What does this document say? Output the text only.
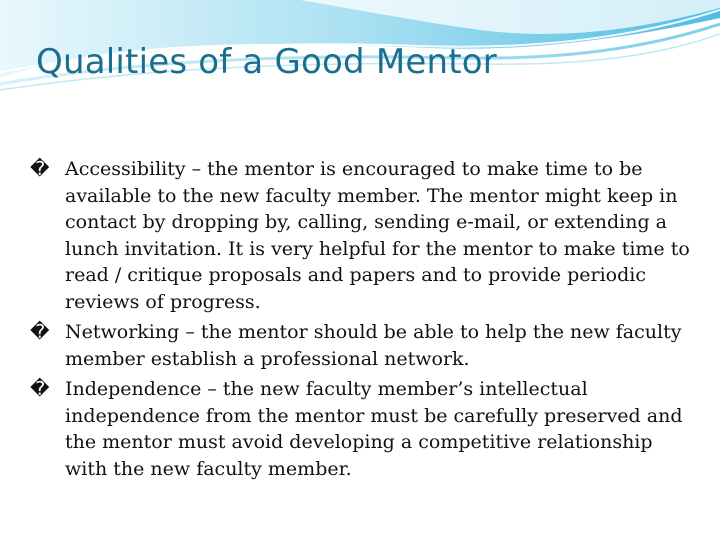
Qualities of a Good Mentor
� Accessibility – the mentor is encouraged to make time to be available to the new faculty member. The mentor might keep in contact by dropping by, calling, sending e-mail, or extending a lunch invitation. It is very helpful for the mentor to make time to read / critique proposals and papers and to provide periodic reviews of progress.
� Networking – the mentor should be able to help the new faculty member establish a professional network.
� Independence – the new faculty member’s intellectual independence from the mentor must be carefully preserved and the mentor must avoid developing a competitive relationship with the new faculty member.
